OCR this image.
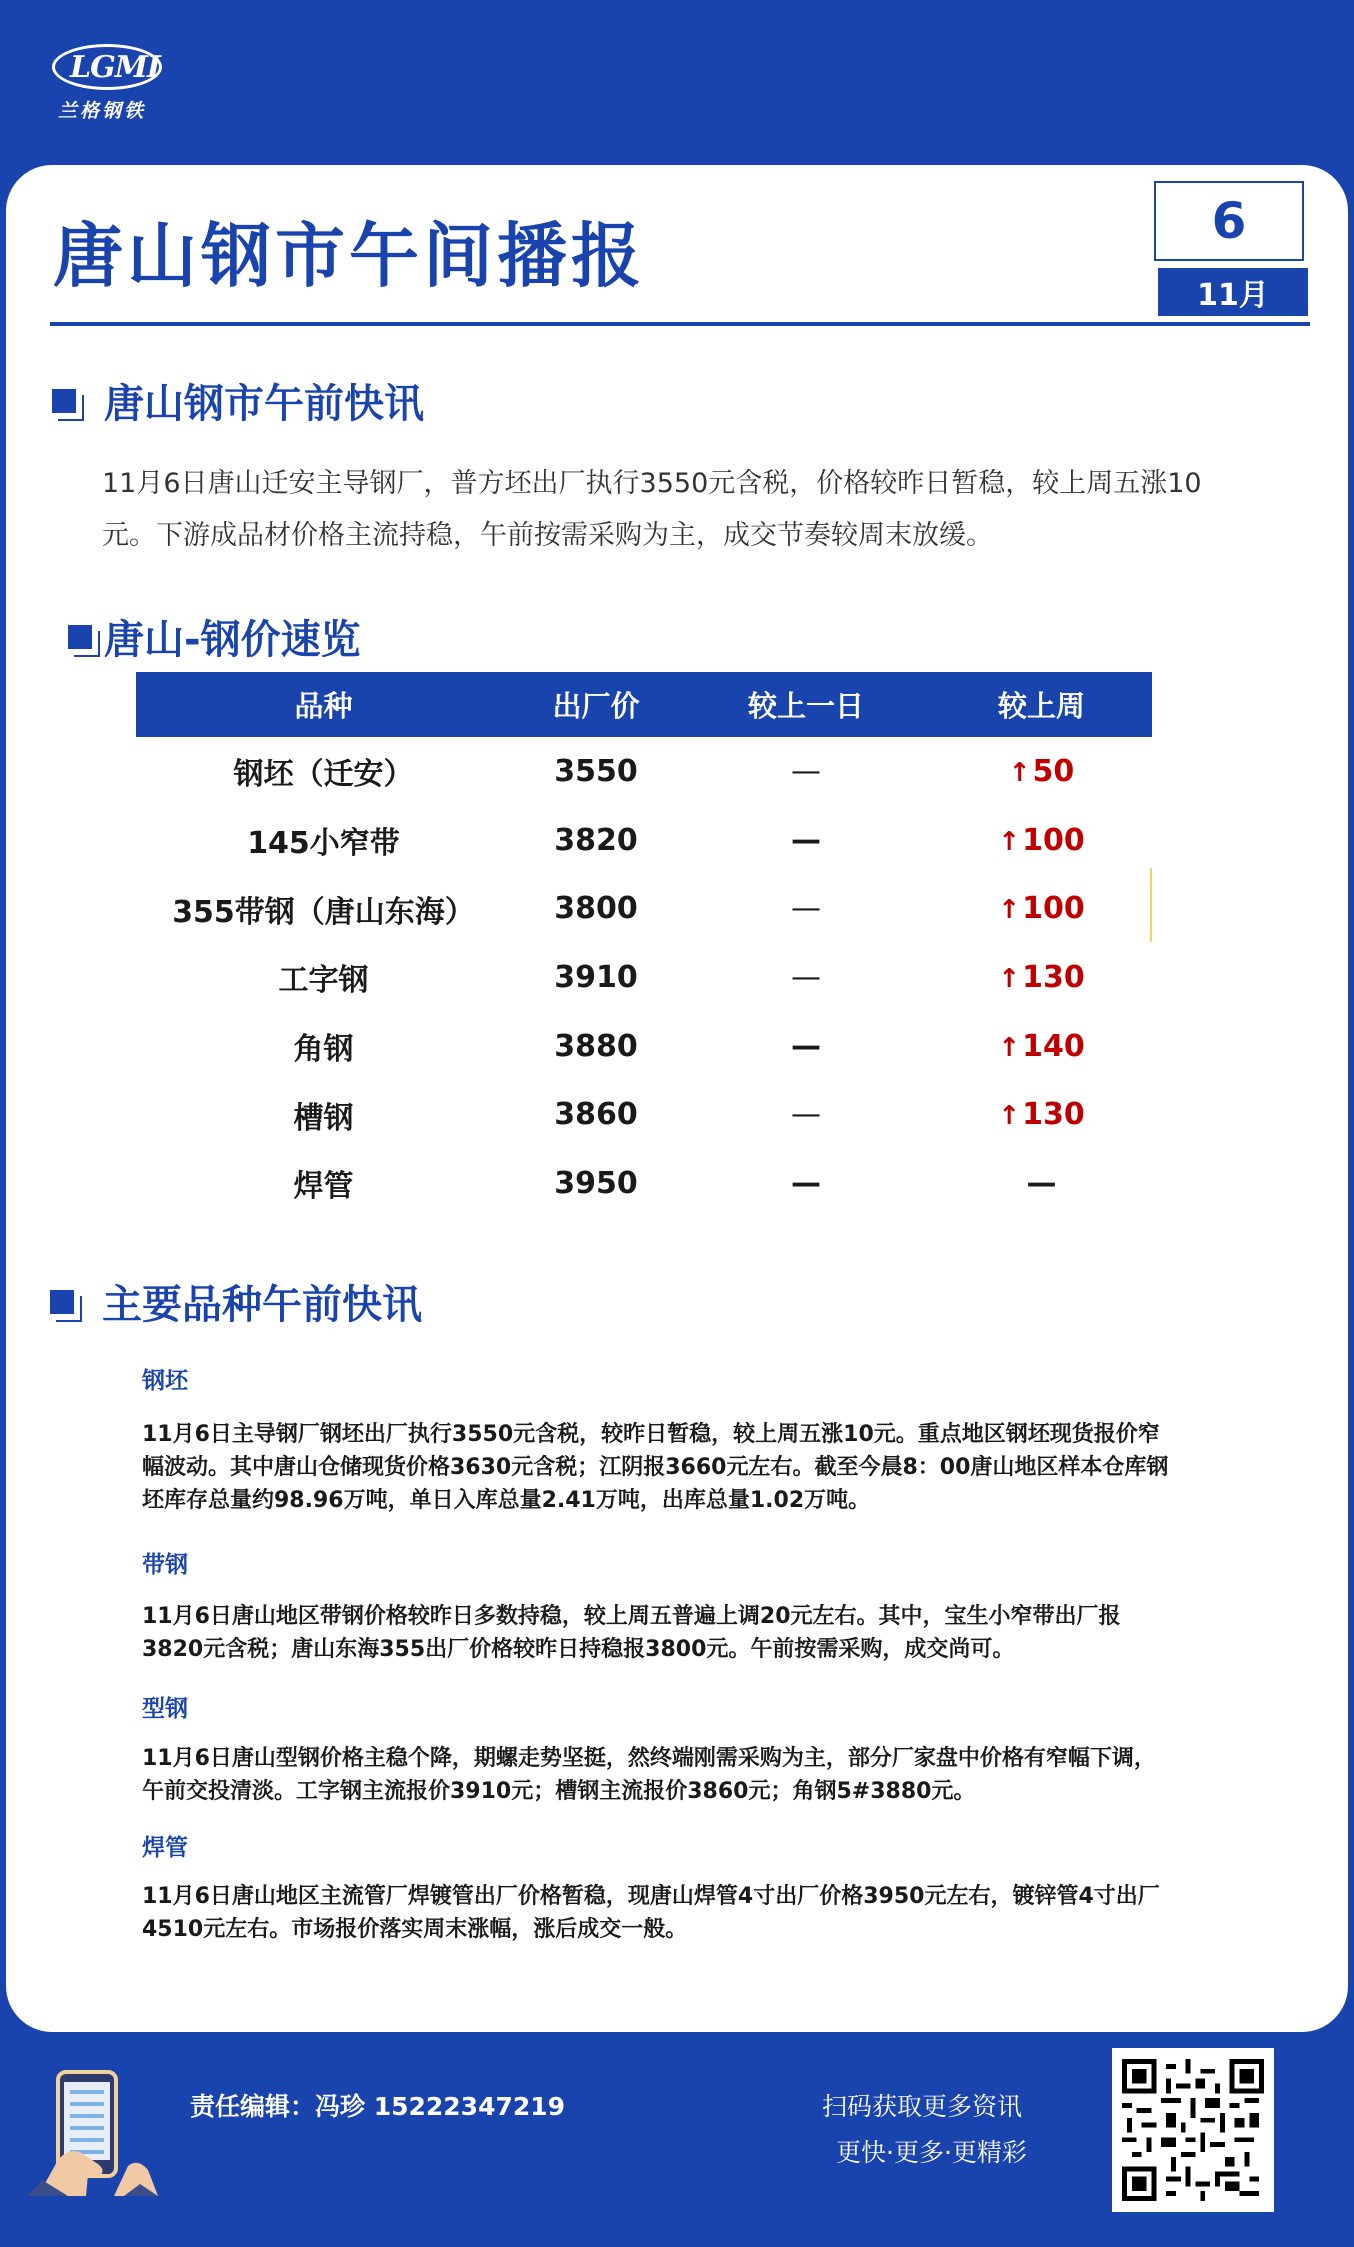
LGMI
兰格钢铁
唐山钢市午间播报	6
11月
唐山钢市午前快讯
11月6日唐山迁安主导钢厂，普方坯出厂执行3550元含税，价格较昨日暂稳，较上周五涨10元。下游成品材价格主流持稳，午前按需采购为主，成交节奏较周末放缓。
唐山-钢价速览
品种	出厂价	较上一日	较上周
钢坯（迁安）	3550	—	↑50
145小窄带	3820	—	↑100
355带钢（唐山东海）	3800	—	↑100
工字钢	3910	—	↑130
角钢	3880	—	↑140
槽钢	3860	—	↑130
焊管	3950	—	—
主要品种午前快讯
钢坯
11月6日主导钢厂钢坯出厂执行3550元含税，较昨日暂稳，较上周五涨10元。重点地区钢坯现货报价窄幅波动。其中唐山仓储现货价格3630元含税；江阴报3660元左右。截至今晨8：00唐山地区样本仓库钢坯库存总量约98.96万吨，单日入库总量2.41万吨，出库总量1.02万吨。
带钢
11月6日唐山地区带钢价格较昨日多数持稳，较上周五普遍上调20元左右。其中，宝生小窄带出厂报3820元含税；唐山东海355出厂价格较昨日持稳报3800元。午前按需采购，成交尚可。
型钢
11月6日唐山型钢价格主稳个降，期螺走势坚挺，然终端刚需采购为主，部分厂家盘中价格有窄幅下调，午前交投清淡。工字钢主流报价3910元；槽钢主流报价3860元；角钢5#3880元。
焊管
11月6日唐山地区主流管厂焊镀管出厂价格暂稳，现唐山焊管4寸出厂价格3950元左右，镀锌管4寸出厂4510元左右。市场报价落实周末涨幅，涨后成交一般。
责任编辑：冯珍 15222347219	扫码获取更多资讯
更快·更多·更精彩
